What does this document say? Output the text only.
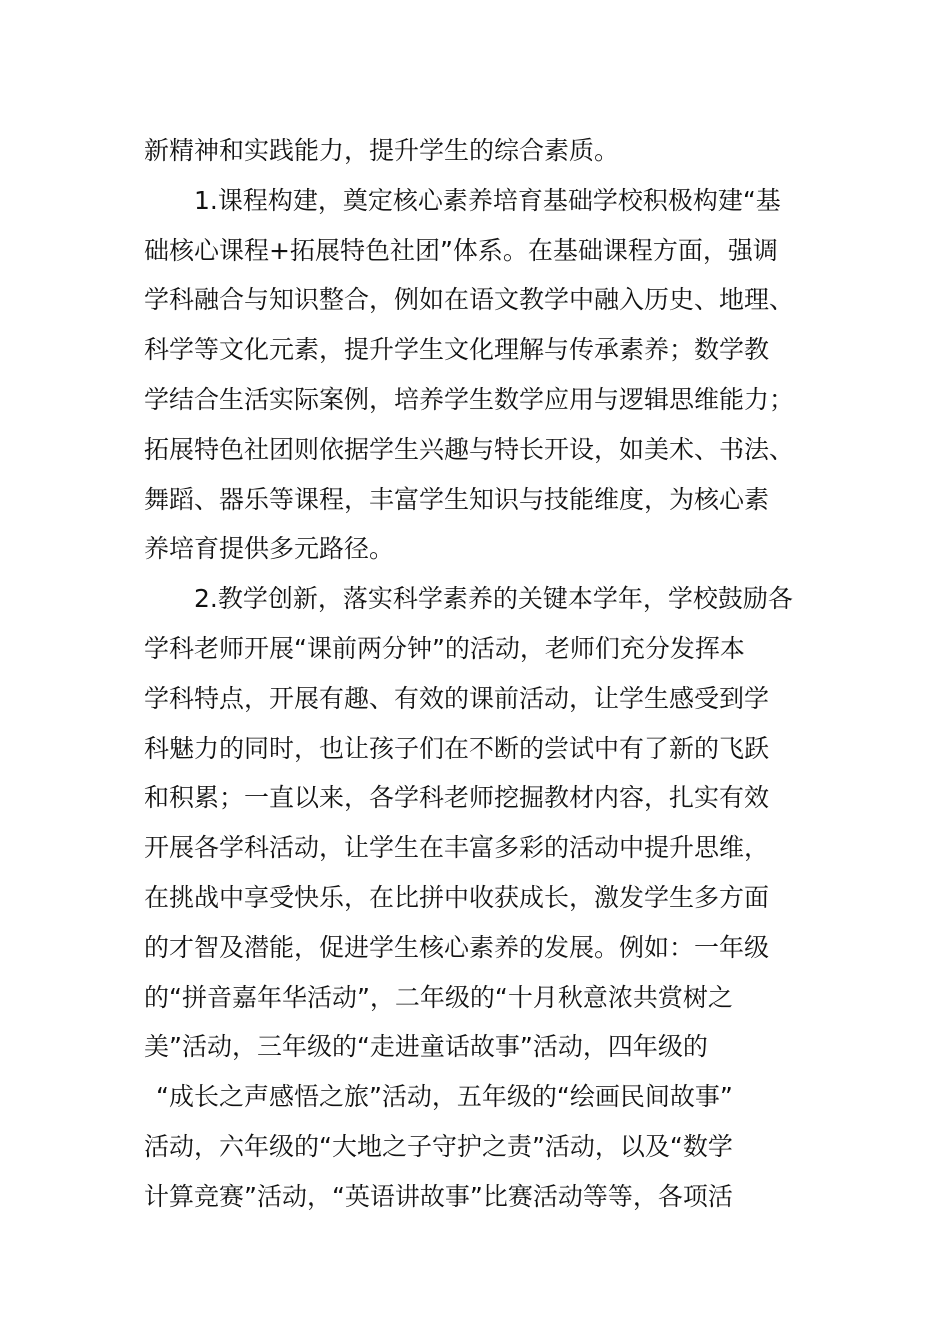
新精神和实践能力，提升学生的综合素质。
1.课程构建，奠定核心素养培育基础学校积极构建“基
础核心课程+拓展特色社团”体系。在基础课程方面，强调
学科融合与知识整合，例如在语文教学中融入历史、地理、
科学等文化元素，提升学生文化理解与传承素养；数学教
学结合生活实际案例，培养学生数学应用与逻辑思维能力；
拓展特色社团则依据学生兴趣与特长开设，如美术、书法、
舞蹈、器乐等课程，丰富学生知识与技能维度，为核心素
养培育提供多元路径。
2.教学创新，落实科学素养的关键本学年，学校鼓励各
学科老师开展“课前两分钟”的活动，老师们充分发挥本
学科特点，开展有趣、有效的课前活动，让学生感受到学
科魅力的同时，也让孩子们在不断的尝试中有了新的飞跃
和积累；一直以来，各学科老师挖掘教材内容，扎实有效
开展各学科活动，让学生在丰富多彩的活动中提升思维，
在挑战中享受快乐，在比拼中收获成长，激发学生多方面
的才智及潜能，促进学生核心素养的发展。例如：一年级
的“拼音嘉年华活动”，二年级的“十月秋意浓共赏树之
美”活动，三年级的“走进童话故事”活动，四年级的
“成长之声感悟之旅”活动，五年级的“绘画民间故事”
活动，六年级的“大地之子守护之责”活动，以及“数学
计算竞赛”活动，“英语讲故事”比赛活动等等，各项活
